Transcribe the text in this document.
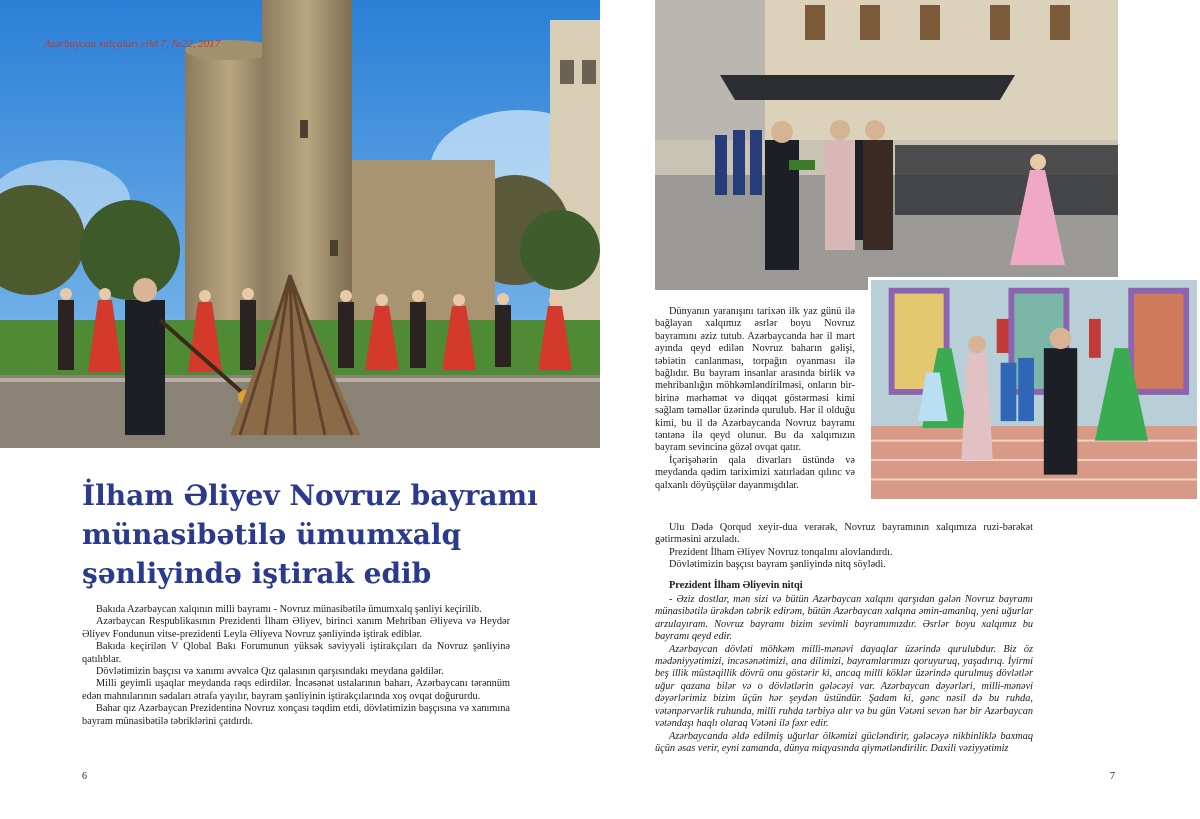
Azərbaycan xalçaları cild 7, №22, 2017
İlham Əliyev Novruz bayramı
münasibətilə ümumxalq
şənliyində iştirak edib

Bakıda Azərbaycan xalqının milli bayramı - Novruz münasibətilə ümumxalq şənliyi keçirilib.

Azərbaycan Respublikasının Prezidenti İlham Əliyev, birinci xanım Mehriban Əliyeva və Heydər Əliyev Fondunun vitse-prezidenti Leyla Əliyeva Novruz şənliyində iştirak ediblər.

Bakıda keçirilən V Qlobal Bakı Forumunun yüksək səviyyəli iştirakçıları da Novruz şənliyinə qatılıblar.

Dövlətimizin başçısı və xanımı əvvəlcə Qız qalasının qarşısındakı meydana gəldilər.

Milli geyimli uşaqlar meydanda rəqs edirdilər. İncəsənət ustalarının baharı, Azərbaycanı tərənnüm edən mahnılarının sədaları ətrafa yayılır, bayram şənliyinin iştirakçılarında xoş ovqat doğururdu.

Bahar qız Azərbaycan Prezidentinə Novruz xonçası təqdim etdi, dövlətimizin başçısına və xanımına bayram münasibətilə təbriklərini çatdırdı.

Dünyanın yaranışını tarixən ilk yaz günü ilə bağlayan xalqımız əsrlər boyu Novruz bayramını əziz tutub. Azərbaycanda hər il mart ayında qeyd edilən Novruz baharın gəlişi, təbiətin canlanması, torpağın oyanması ilə bağlıdır. Bu bayram insanlar arasında birlik və mehribanlığın möhkəmləndirilməsi, onların bir-birinə mərhəmət və diqqət göstərməsi kimi sağlam təməllər üzərində qurulub. Hər il olduğu kimi, bu il də Azərbaycanda Novruz bayramı təntənə ilə qeyd olunur. Bu da xalqımızın bayram sevincinə gözəl ovqat qatır.

İçərişəhərin qala divarları üstündə və meydanda qədim tariximizi xatırladan qılınc və qalxanlı döyüşçülər dayanmışdılar.

Ulu Dədə Qorqud xeyir-dua verərək, Novruz bayramının xalqımıza ruzi-bərəkət gətirməsini arzuladı.

Prezident İlham Əliyev Novruz tonqalını alovlandırdı.

Dövlətimizin başçısı bayram şənliyində nitq söylədi.

Prezident İlham Əliyevin nitqi

- Əziz dostlar, mən sizi və bütün Azərbaycan xalqını qarşıdan gələn Novruz bayramı münasibətilə ürəkdən təbrik edirəm, bütün Azərbaycan xalqına əmin-amanlıq, yeni uğurlar arzulayıram. Novruz bayramı bizim sevimli bayramımızdır. Əsrlər boyu xalqımız bu bayramı qeyd edir.

Azərbaycan dövləti möhkəm milli-mənəvi dayaqlar üzərində qurulubdur. Biz öz mədəniyyətimizi, incəsənətimizi, ana dilimizi, bayramlarımızı qoruyuruq, yaşadırıq. İyirmi beş illik müstəqillik dövrü onu göstərir ki, ancaq milli köklər üzərində qurulmuş dövlətlər uğur qazana bilər və o dövlətlərin gələcəyi var. Azərbaycan dəyərləri, milli-mənəvi dəyərlərimiz bizim üçün hər şeydən üstündür. Şadam ki, gənc nəsil də bu ruhda, vətənpərvərlik ruhunda, milli ruhda tərbiyə alır və bu gün Vətəni sevən hər bir Azərbaycan vətəndaşı haqlı olaraq Vətəni ilə fəxr edir.

Azərbaycanda əldə edilmiş uğurlar ölkəmizi gücləndirir, gələcəyə nikbinliklə baxmaq üçün əsas verir, eyni zamanda, dünya miqyasında qiymətləndirilir. Daxili vəziyyətimiz

6	7
